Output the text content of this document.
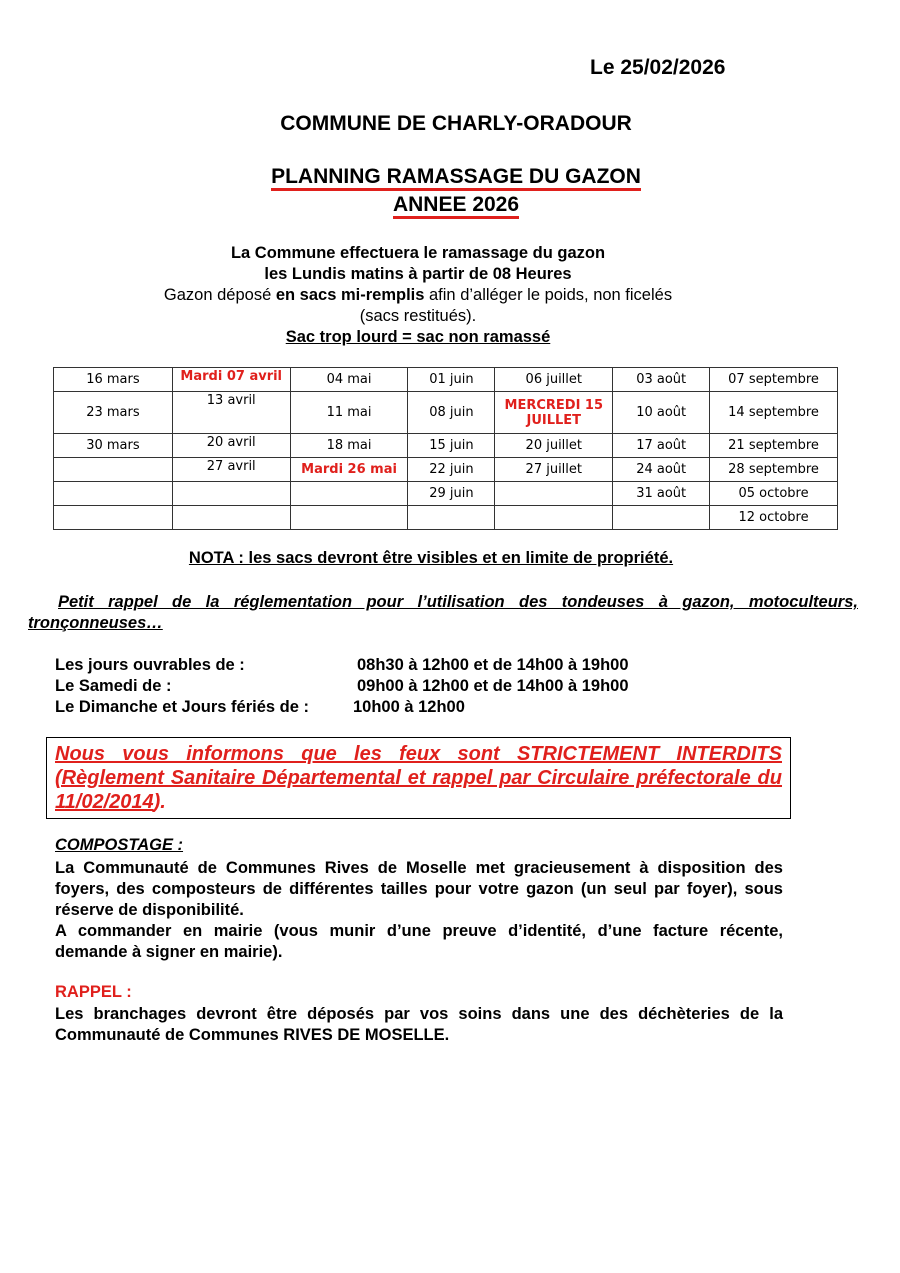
Le 25/02/2026
COMMUNE DE CHARLY-ORADOUR
PLANNING RAMASSAGE DU GAZON
ANNEE 2026
La Commune effectuera le ramassage du gazon
les Lundis matins à partir de 08 Heures
Gazon déposé en sacs mi-remplis afin d’alléger le poids, non ficelés
(sacs restitués).
Sac trop lourd = sac non ramassé
16 mars	Mardi 07 avril	04 mai	01 juin	06 juillet	03 août	07 septembre
23 mars	13 avril	11 mai	08 juin	MERCREDI 15 JUILLET	10 août	14 septembre
30 mars	20 avril	18 mai	15 juin	20 juillet	17 août	21 septembre
	27 avril	Mardi 26 mai	22 juin	27 juillet	24 août	28 septembre
			29 juin		31 août	05 octobre
						12 octobre
NOTA : les sacs devront être visibles et en limite de propriété.
Petit rappel de la réglementation pour l’utilisation des tondeuses à gazon, motoculteurs, tronçonneuses…
Les jours ouvrables de :	08h30 à 12h00 et de 14h00 à 19h00
Le Samedi de :	09h00 à 12h00 et de 14h00 à 19h00
Le Dimanche et Jours fériés de :	10h00 à 12h00
Nous vous informons que les feux sont STRICTEMENT INTERDITS (Règlement Sanitaire Départemental et rappel par Circulaire préfectorale du 11/02/2014).
COMPOSTAGE :
La Communauté de Communes Rives de Moselle met gracieusement à disposition des foyers, des composteurs de différentes tailles pour votre gazon (un seul par foyer), sous réserve de disponibilité.
A commander en mairie (vous munir d’une preuve d’identité, d’une facture récente, demande à signer en mairie).
RAPPEL :
Les branchages devront être déposés par vos soins dans une des déchèteries de la Communauté de Communes RIVES DE MOSELLE.
